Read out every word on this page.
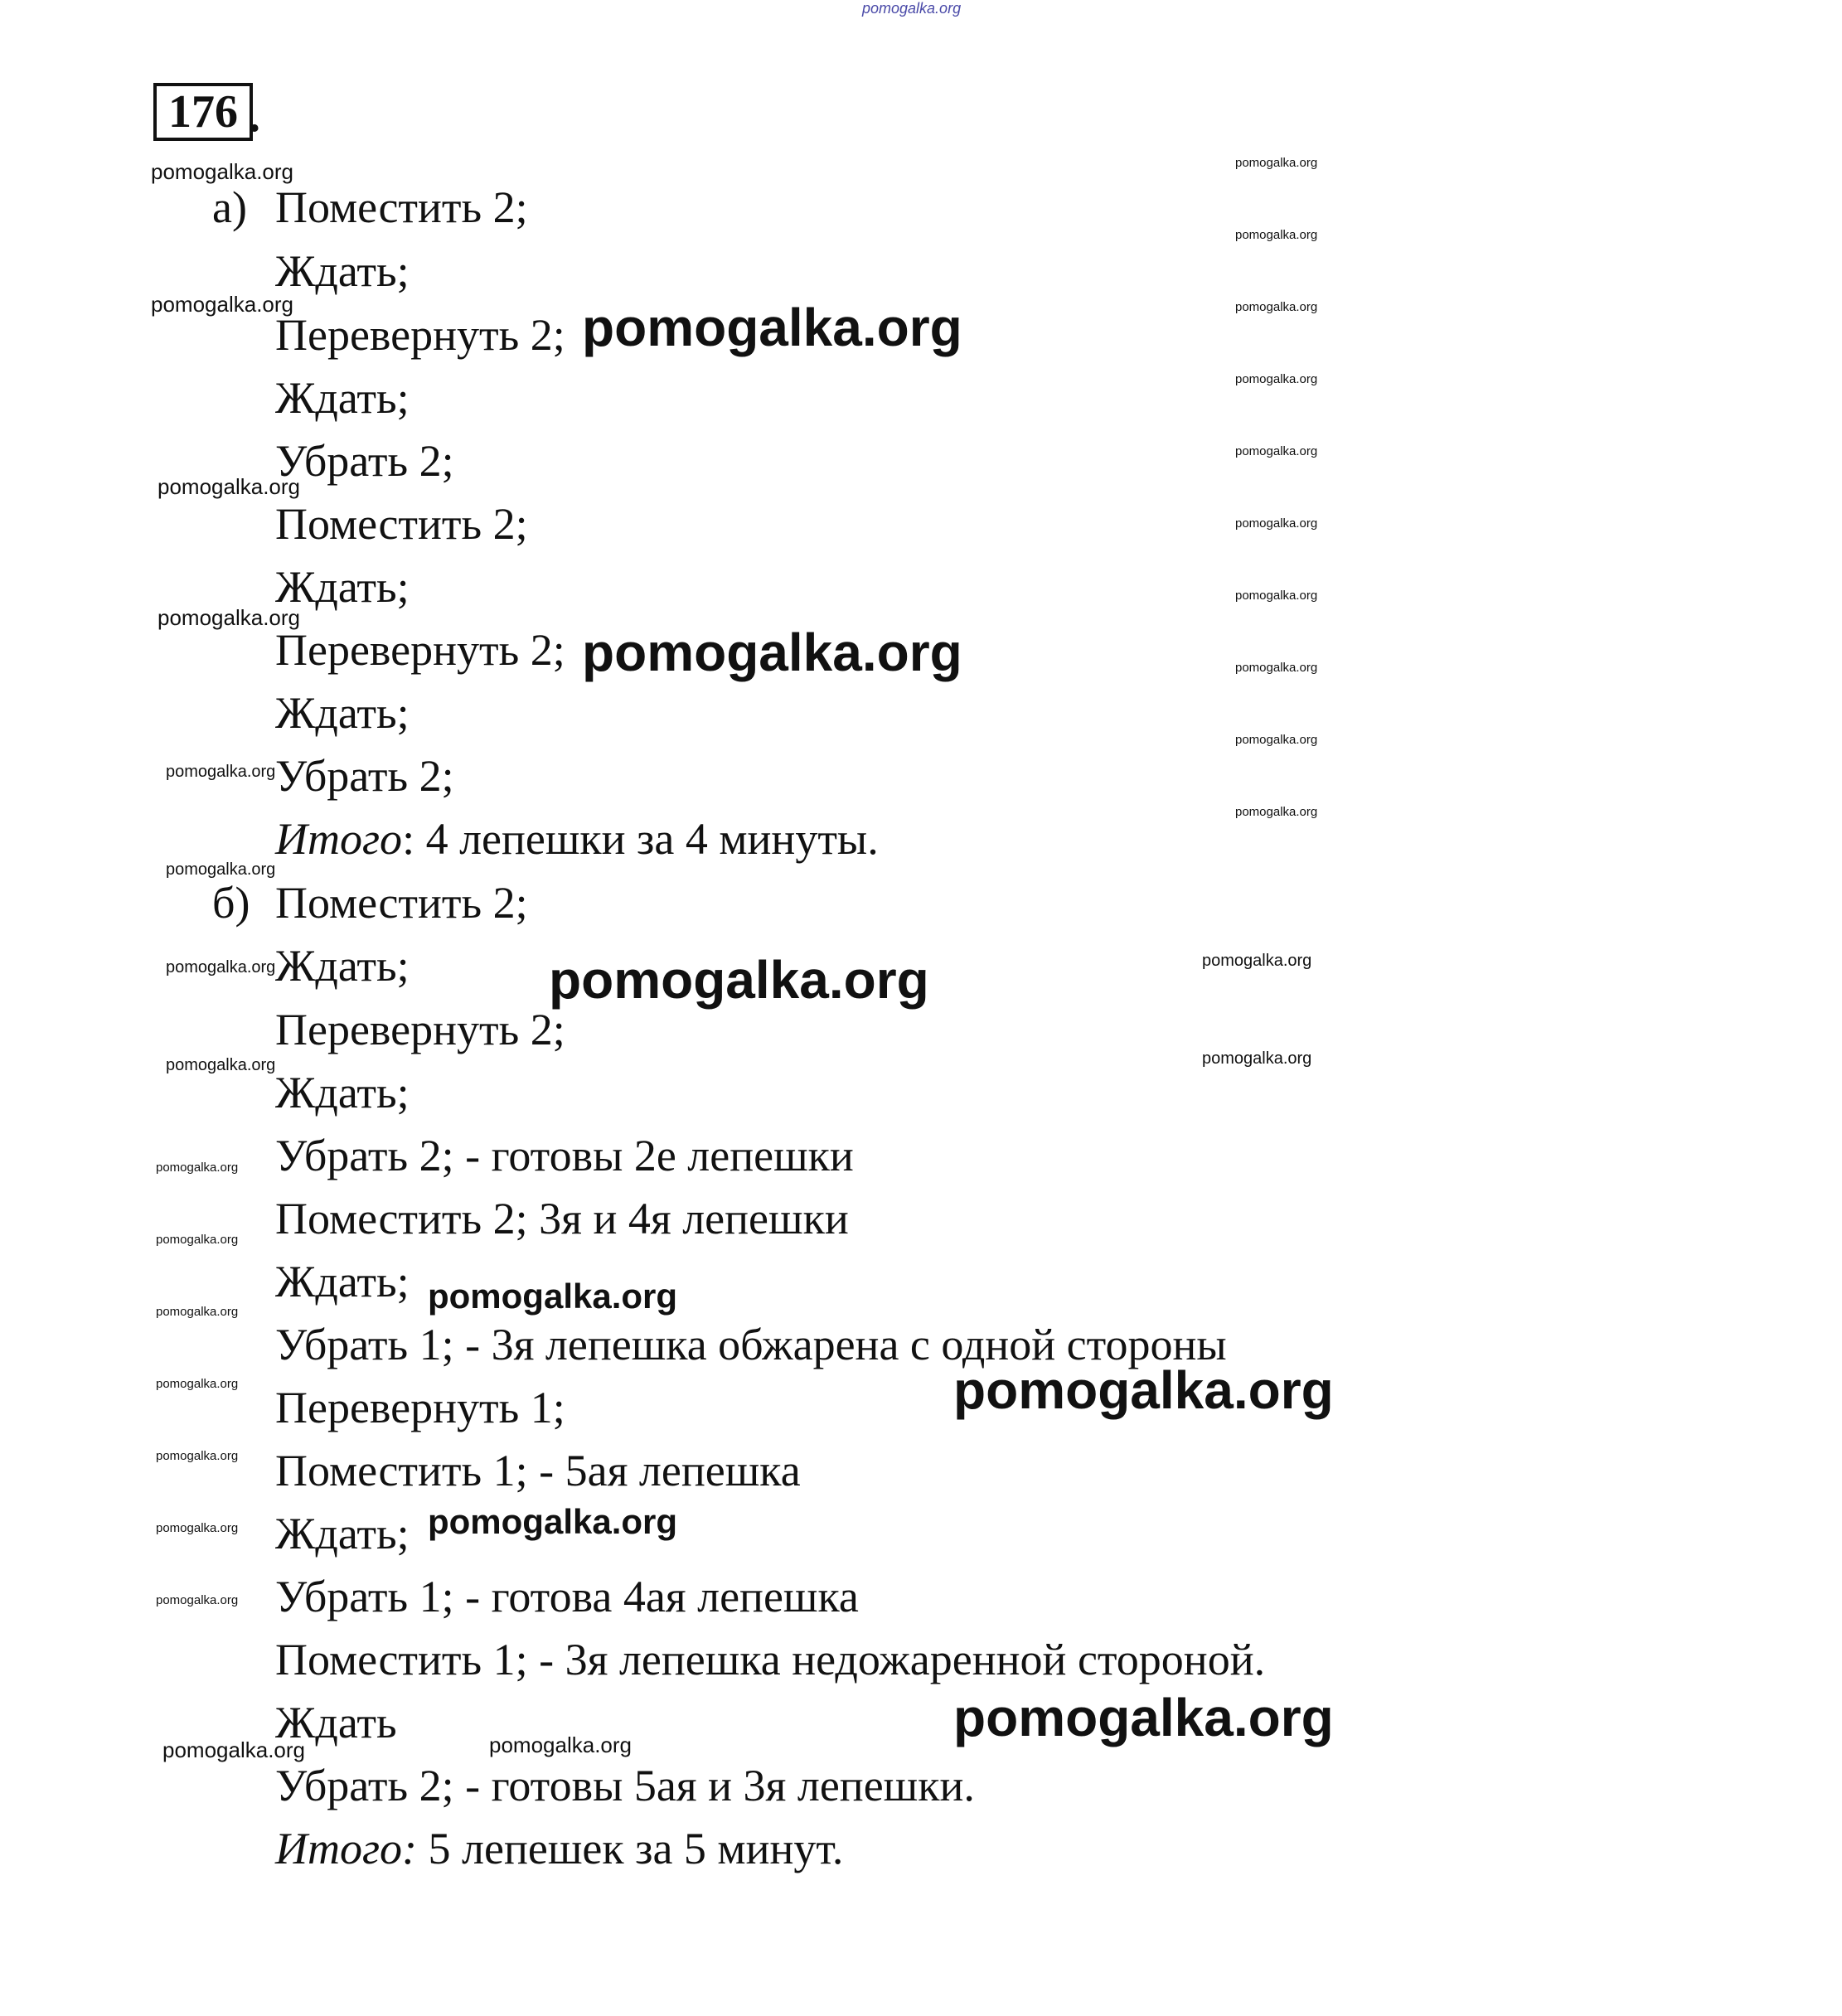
pomogalka.org
176 .
а) Поместить 2;
Ждать;
Перевернуть 2;
Ждать;
Убрать 2;
Поместить 2;
Ждать;
Перевернуть 2;
Ждать;
Убрать 2;
Итого: 4 лепешки за 4 минуты.
б) Поместить 2;
Ждать;
Перевернуть 2;
Ждать;
Убрать 2; - готовы 2е лепешки
Поместить 2; 3я и 4я лепешки
Ждать;
Убрать 1; - 3я лепешка обжарена с одной стороны
Перевернуть 1;
Поместить 1; - 5ая лепешка
Ждать;
Убрать 1; - готова 4ая лепешка
Поместить 1; - 3я лепешка недожаренной стороной.
Ждать
Убрать 2; - готовы 5ая и 3я лепешки.
Итого: 5 лепешек за 5 минут.
pomogalka.org	pomogalka.org
pomogalka.org
pomogalka.org	pomogalka.org
pomogalka.org
pomogalka.org
pomogalka.org
pomogalka.org
pomogalka.org
pomogalka.org
pomogalka.org
pomogalka.org	pomogalka.org
pomogalka.org
pomogalka.org
pomogalka.org
pomogalka.org
pomogalka.org	pomogalka.org	pomogalka.org
pomogalka.org	pomogalka.org
pomogalka.org
pomogalka.org
pomogalka.org	pomogalka.org
pomogalka.org	pomogalka.org
pomogalka.org
pomogalka.org	pomogalka.org
pomogalka.org
pomogalka.org
pomogalka.org	pomogalka.org
